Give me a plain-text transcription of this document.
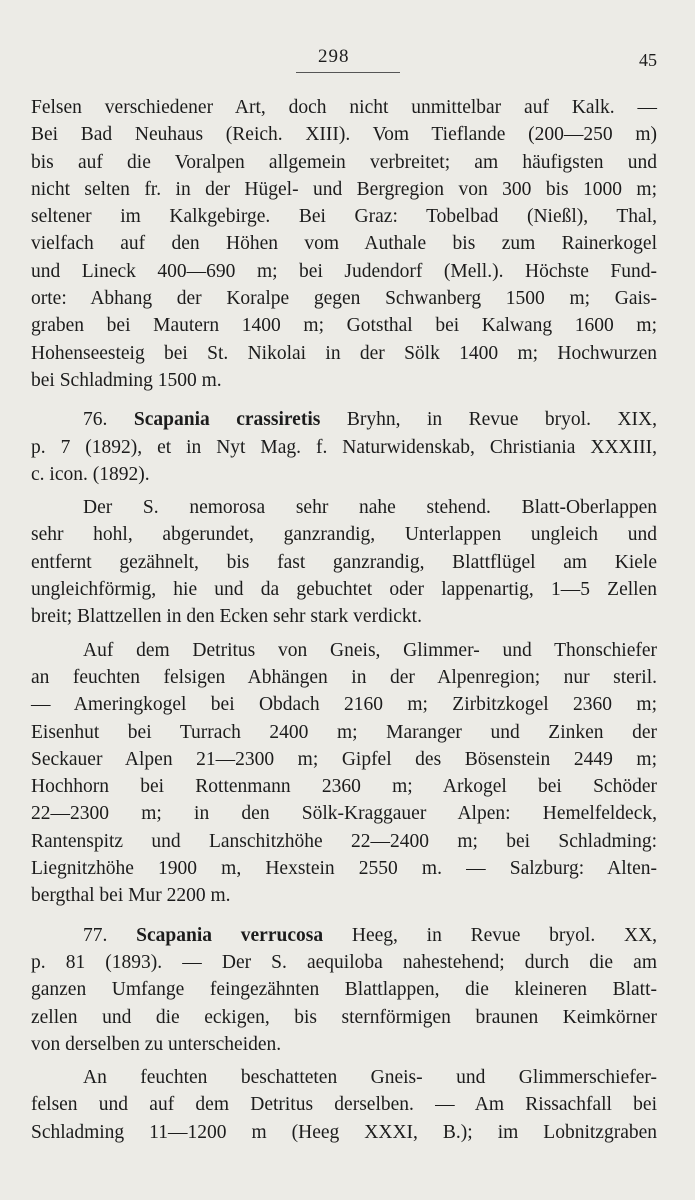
298	45

Felsen verschiedener Art, doch nicht unmittelbar auf Kalk. —
Bei Bad Neuhaus (Reich. XIII). Vom Tieflande (200—250 m)
bis auf die Voralpen allgemein verbreitet; am häufigsten und
nicht selten fr. in der Hügel- und Bergregion von 300 bis 1000 m;
seltener im Kalkgebirge. Bei Graz: Tobelbad (Nießl), Thal,
vielfach auf den Höhen vom Authale bis zum Rainerkogel
und Lineck 400—690 m; bei Judendorf (Mell.). Höchste Fund-
orte: Abhang der Koralpe gegen Schwanberg 1500 m; Gais-
graben bei Mautern 1400 m; Gotsthal bei Kalwang 1600 m;
Hohenseesteig bei St. Nikolai in der Sölk 1400 m; Hochwurzen
bei Schladming 1500 m.

76. Scapania crassiretis Bryhn, in Revue bryol. XIX,
p. 7 (1892), et in Nyt Mag. f. Naturwidenskab, Christiania XXXIII,
c. icon. (1892).

Der S. nemorosa sehr nahe stehend. Blatt-Oberlappen
sehr hohl, abgerundet, ganzrandig, Unterlappen ungleich und
entfernt gezähnelt, bis fast ganzrandig, Blattflügel am Kiele
ungleichförmig, hie und da gebuchtet oder lappenartig, 1—5 Zellen
breit; Blattzellen in den Ecken sehr stark verdickt.

Auf dem Detritus von Gneis, Glimmer- und Thonschiefer
an feuchten felsigen Abhängen in der Alpenregion; nur steril.
— Ameringkogel bei Obdach 2160 m; Zirbitzkogel 2360 m;
Eisenhut bei Turrach 2400 m; Maranger und Zinken der
Seckauer Alpen 21—2300 m; Gipfel des Bösenstein 2449 m;
Hochhorn bei Rottenmann 2360 m; Arkogel bei Schöder
22—2300 m; in den Sölk-Kraggauer Alpen: Hemelfeldeck,
Rantenspitz und Lanschitzhöhe 22—2400 m; bei Schladming:
Liegnitzhöhe 1900 m, Hexstein 2550 m. — Salzburg: Alten-
bergthal bei Mur 2200 m.

77. Scapania verrucosa Heeg, in Revue bryol. XX,
p. 81 (1893). — Der S. aequiloba nahestehend; durch die am
ganzen Umfange feingezähnten Blattlappen, die kleineren Blatt-
zellen und die eckigen, bis sternförmigen braunen Keimkörner
von derselben zu unterscheiden.

An feuchten beschatteten Gneis- und Glimmerschiefer-
felsen und auf dem Detritus derselben. — Am Rissachfall bei
Schladming 11—1200 m (Heeg XXXI, B.); im Lobnitzgraben
